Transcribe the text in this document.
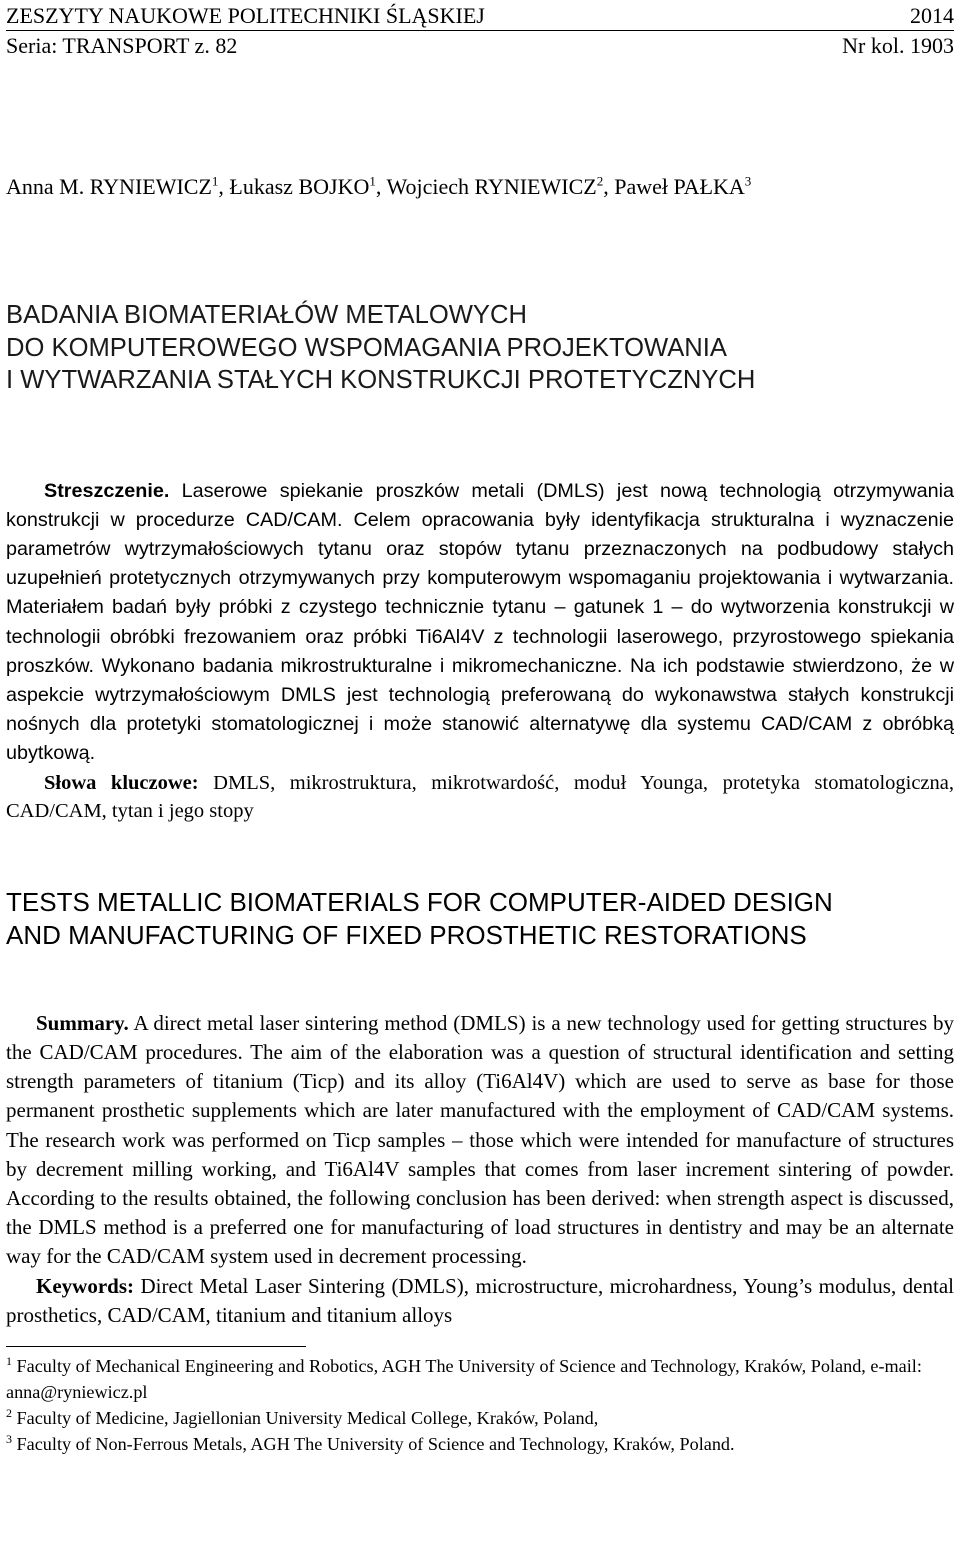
ZESZYTY NAUKOWE POLITECHNIKI ŚLĄSKIEJ	2014
Seria: TRANSPORT z. 82	Nr kol. 1903
Anna M. RYNIEWICZ$^1$, Łukasz BOJKO$^1$, Wojciech RYNIEWICZ$^2$, Paweł PAŁKA$^3$
BADANIA BIOMATERIAŁÓW METALOWYCH
DO KOMPUTEROWEGO WSPOMAGANIA PROJEKTOWANIA
I WYTWARZANIA STAŁYCH KONSTRUKCJI PROTETYCZNYCH
Streszczenie. Laserowe spiekanie proszków metali (DMLS) jest nową technologią otrzymywania konstrukcji w procedurze CAD/CAM. Celem opracowania były identyfikacja strukturalna i wyznaczenie parametrów wytrzymałościowych tytanu oraz stopów tytanu przeznaczonych na podbudowy stałych uzupełnień protetycznych otrzymywanych przy komputerowym wspomaganiu projektowania i wytwarzania. Materiałem badań były próbki z czystego technicznie tytanu – gatunek 1 – do wytworzenia konstrukcji w technologii obróbki frezowaniem oraz próbki Ti6Al4V z technologii laserowego, przyrostowego spiekania proszków. Wykonano badania mikrostrukturalne i mikromechaniczne. Na ich podstawie stwierdzono, że w aspekcie wytrzymałościowym DMLS jest technologią preferowaną do wykonawstwa stałych konstrukcji nośnych dla protetyki stomatologicznej i może stanowić alternatywę dla systemu CAD/CAM z obróbką ubytkową.
Słowa kluczowe: DMLS, mikrostruktura, mikrotwardość, moduł Younga, protetyka stomatologiczna, CAD/CAM, tytan i jego stopy
TESTS METALLIC BIOMATERIALS FOR COMPUTER-AIDED DESIGN
AND MANUFACTURING OF FIXED PROSTHETIC RESTORATIONS
Summary. A direct metal laser sintering method (DMLS) is a new technology used for getting structures by the CAD/CAM procedures. The aim of the elaboration was a question of structural identification and setting strength parameters of titanium (Ticp) and its alloy (Ti6Al4V) which are used to serve as base for those permanent prosthetic supplements which are later manufactured with the employment of CAD/CAM systems. The research work was performed on Ticp samples – those which were intended for manufacture of structures by decrement milling working, and Ti6Al4V samples that comes from laser increment sintering of powder. According to the results obtained, the following conclusion has been derived: when strength aspect is discussed, the DMLS method is a preferred one for manufacturing of load structures in dentistry and may be an alternate way for the CAD/CAM system used in decrement processing.
Keywords: Direct Metal Laser Sintering (DMLS), microstructure, microhardness, Young’s modulus, dental prosthetics, CAD/CAM, titanium and titanium alloys
$^1$ Faculty of Mechanical Engineering and Robotics, AGH The University of Science and Technology, Kraków, Poland, e-mail: anna@ryniewicz.pl
$^2$ Faculty of Medicine, Jagiellonian University Medical College, Kraków, Poland,
$^3$ Faculty of Non-Ferrous Metals, AGH The University of Science and Technology, Kraków, Poland.
